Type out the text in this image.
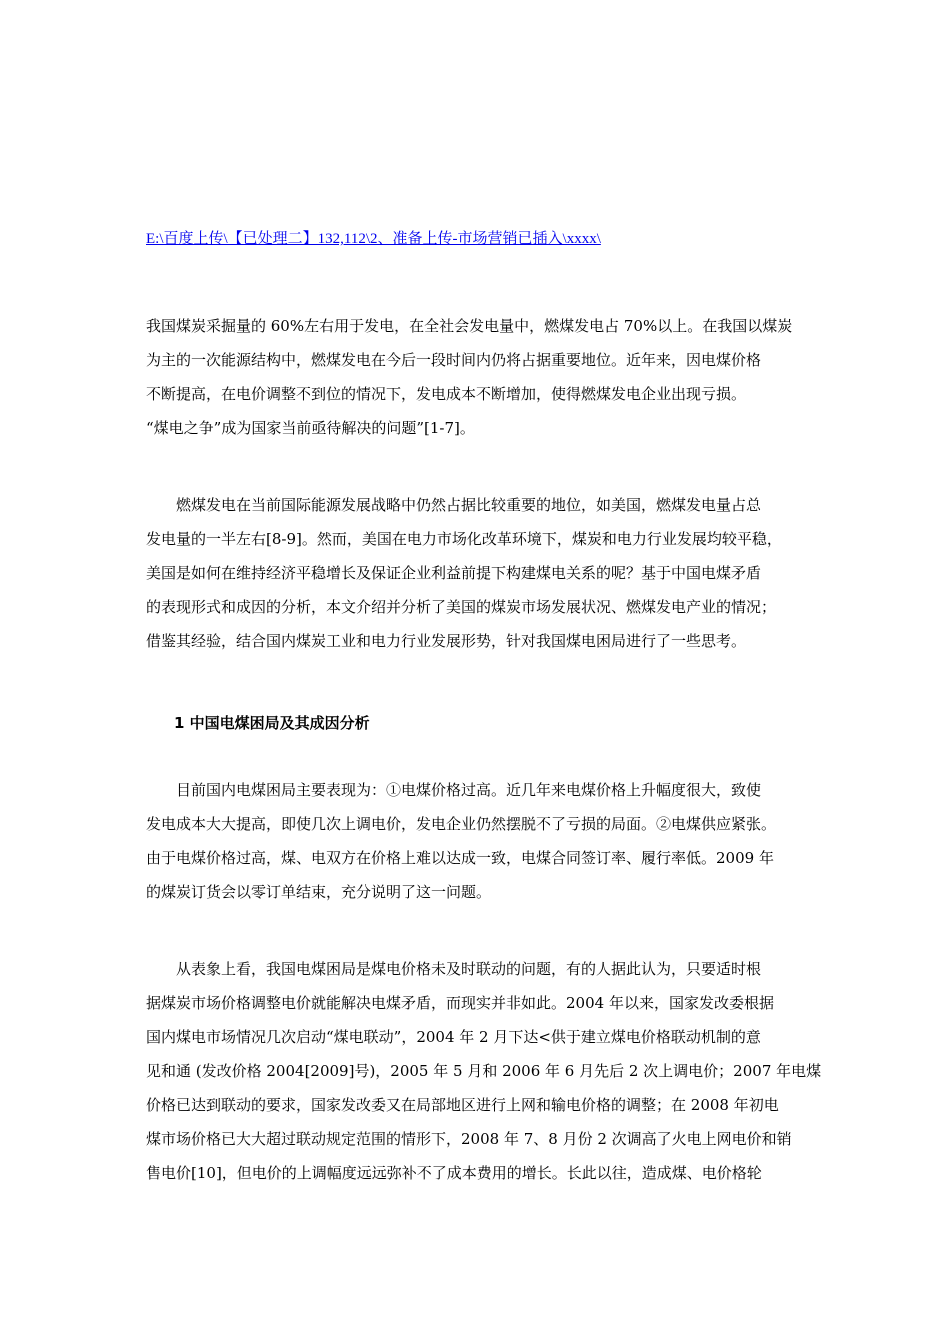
E:\百度上传\【已处理二】132,112\2、准备上传-市场营销已插入\xxxx\

我国煤炭采掘量的 60%左右用于发电，在全社会发电量中，燃煤发电占 70%以上。在我国以煤炭
为主的一次能源结构中，燃煤发电在今后一段时间内仍将占据重要地位。近年来，因电煤价格
不断提高，在电价调整不到位的情况下，发电成本不断增加，使得燃煤发电企业出现亏损。
“煤电之争”成为国家当前亟待解决的问题”[1-7]。

　　燃煤发电在当前国际能源发展战略中仍然占据比较重要的地位，如美国，燃煤发电量占总
发电量的一半左右[8-9]。然而，美国在电力市场化改革环境下，煤炭和电力行业发展均较平稳，
美国是如何在维持经济平稳增长及保证企业利益前提下构建煤电关系的呢？基于中国电煤矛盾
的表现形式和成因的分析，本文介绍并分析了美国的煤炭市场发展状况、燃煤发电产业的情况；
借鉴其经验，结合国内煤炭工业和电力行业发展形势，针对我国煤电困局进行了一些思考。

1 中国电煤困局及其成因分析

　　目前国内电煤困局主要表现为：①电煤价格过高。近几年来电煤价格上升幅度很大，致使
发电成本大大提高，即使几次上调电价，发电企业仍然摆脱不了亏损的局面。②电煤供应紧张。
由于电煤价格过高，煤、电双方在价格上难以达成一致，电煤合同签订率、履行率低。2009 年
的煤炭订货会以零订单结束，充分说明了这一问题。

　　从表象上看，我国电煤困局是煤电价格未及时联动的问题，有的人据此认为，只要适时根
据煤炭市场价格调整电价就能解决电煤矛盾，而现实并非如此。2004 年以来，国家发改委根据
国内煤电市场情况几次启动“煤电联动”，2004 年 2 月下达<供于建立煤电价格联动机制的意
见和通 (发改价格 2004[2009]号)，2005 年 5 月和 2006 年 6 月先后 2 次上调电价；2007 年电煤
价格已达到联动的要求，国家发改委又在局部地区进行上网和输电价格的调整；在 2008 年初电
煤市场价格已大大超过联动规定范围的情形下，2008 年 7、8 月份 2 次调高了火电上网电价和销
售电价[10]，但电价的上调幅度远远弥补不了成本费用的增长。长此以往，造成煤、电价格轮
